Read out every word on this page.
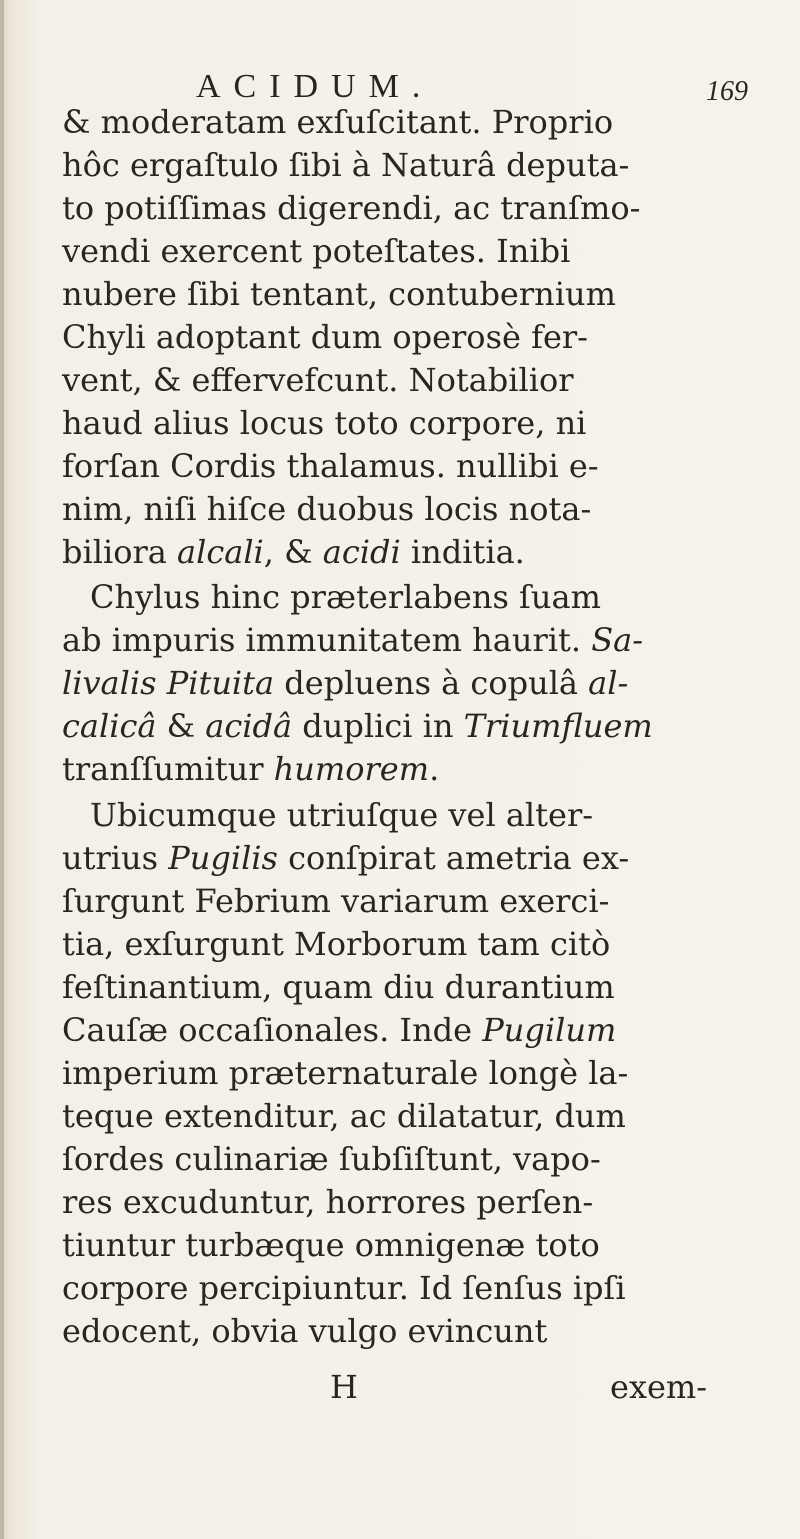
ACIDUM.	169
& moderatam exſuſcitant. Proprio
hôc ergaſtulo ſibi à Naturâ deputa-
to potiſſimas digerendi, ac tranſmo-
vendi exercent poteſtates. Inibi
nubere ſibi tentant, contubernium
Chyli adoptant dum operosè fer-
vent, & effervefcunt. Notabilior
haud alius locus toto corpore, ni
forſan Cordis thalamus. nullibi e-
nim, niſi hiſce duobus locis nota-
biliora alcali, & acidi inditia.
Chylus hinc præterlabens ſuam
ab impuris immunitatem haurit. Sa-
livalis Pituita depluens à copulâ al-
calicâ & acidâ duplici in Triumfluem
tranſſumitur humorem.
Ubicumque utriuſque vel alter-
utrius Pugilis conſpirat ametria ex-
ſurgunt Febrium variarum exerci-
tia, exſurgunt Morborum tam citò
feſtinantium, quam diu durantium
Cauſæ occaſionales. Inde Pugilum
imperium præternaturale longè la-
teque extenditur, ac dilatatur, dum
ſordes culinariæ ſubſiſtunt, vapo-
res excuduntur, horrores perſen-
tiuntur turbæque omnigenæ toto
corpore percipiuntur. Id ſenſus ipſi
edocent, obvia vulgo evincunt
H	exem-
